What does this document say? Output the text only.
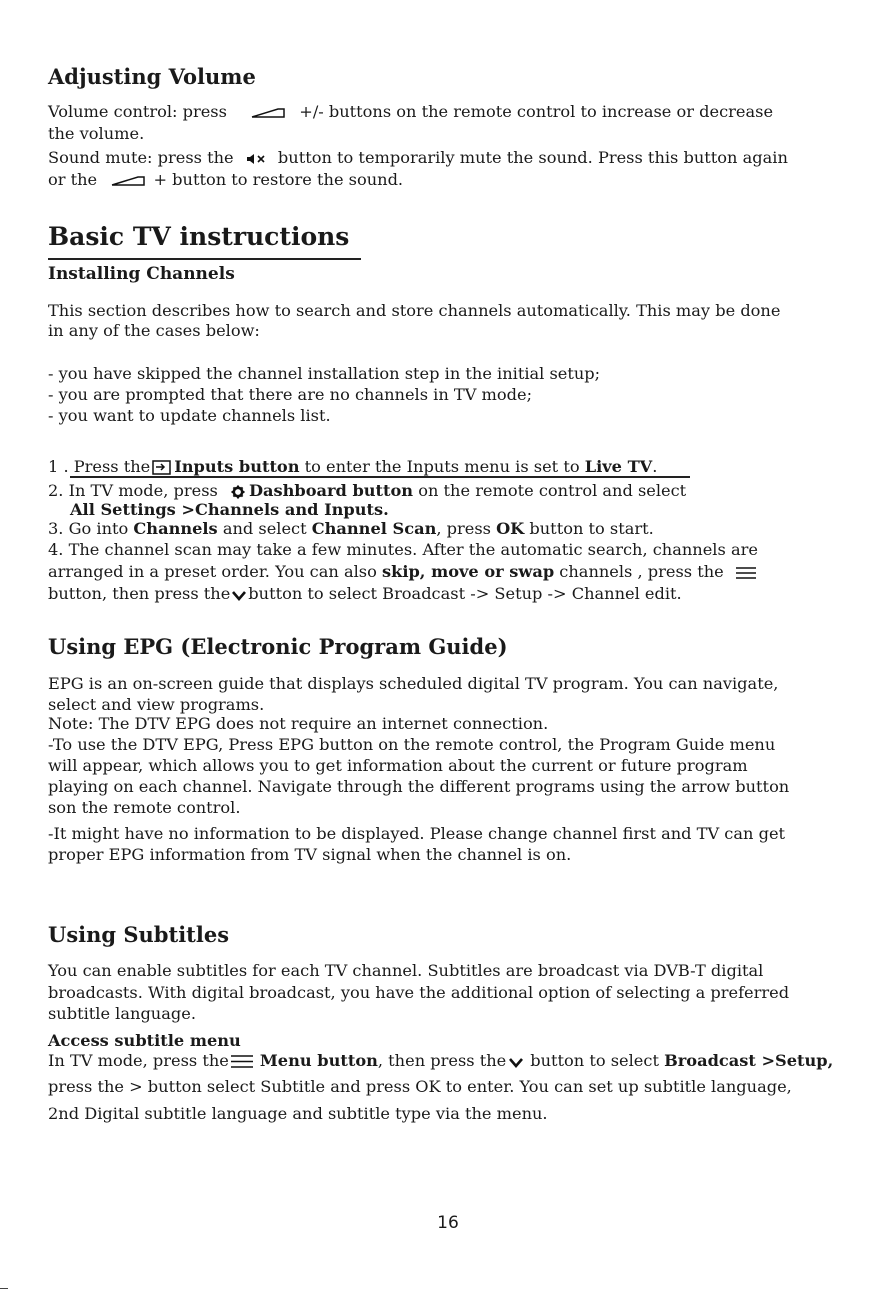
Adjusting Volume
Volume control: press	+/- buttons on the remote control to increase or decrease
the volume.
Sound mute: press the	button to temporarily mute the sound. Press this button again
or the	+ button to restore the sound.
Basic TV instructions
Installing Channels
This section describes how to search and store channels automatically. This may be done
in any of the cases below:
- you have skipped the channel installation step in the initial setup;
- you are prompted that there are no channels in TV mode;
- you want to update channels list.
1 . Press the Inputs button to enter the Inputs menu is set to Live TV.
2. In TV mode, press Dashboard button on the remote control and select
All Settings >Channels and Inputs.
3. Go into Channels and select Channel Scan, press OK button to start.
4. The channel scan may take a few minutes. After the automatic search, channels are
arranged in a preset order. You can also skip, move or swap channels , press the
button, then press the button to select Broadcast -> Setup -> Channel edit.
Using EPG (Electronic Program Guide)
EPG is an on-screen guide that displays scheduled digital TV program. You can navigate,
select and view programs.
Note: The DTV EPG does not require an internet connection.
-To use the DTV EPG, Press EPG button on the remote control, the Program Guide menu
will appear, which allows you to get information about the current or future program
playing on each channel. Navigate through the different programs using the arrow button
son the remote control.
-It might have no information to be displayed. Please change channel first and TV can get
proper EPG information from TV signal when the channel is on.
Using Subtitles
You can enable subtitles for each TV channel. Subtitles are broadcast via DVB-T digital
broadcasts. With digital broadcast, you have the additional option of selecting a preferred
subtitle language.
Access subtitle menu
In TV mode, press the Menu button, then press the button to select Broadcast >Setup,
press the > button select Subtitle and press OK to enter. You can set up subtitle language,
2nd Digital subtitle language and subtitle type via the menu.
16
